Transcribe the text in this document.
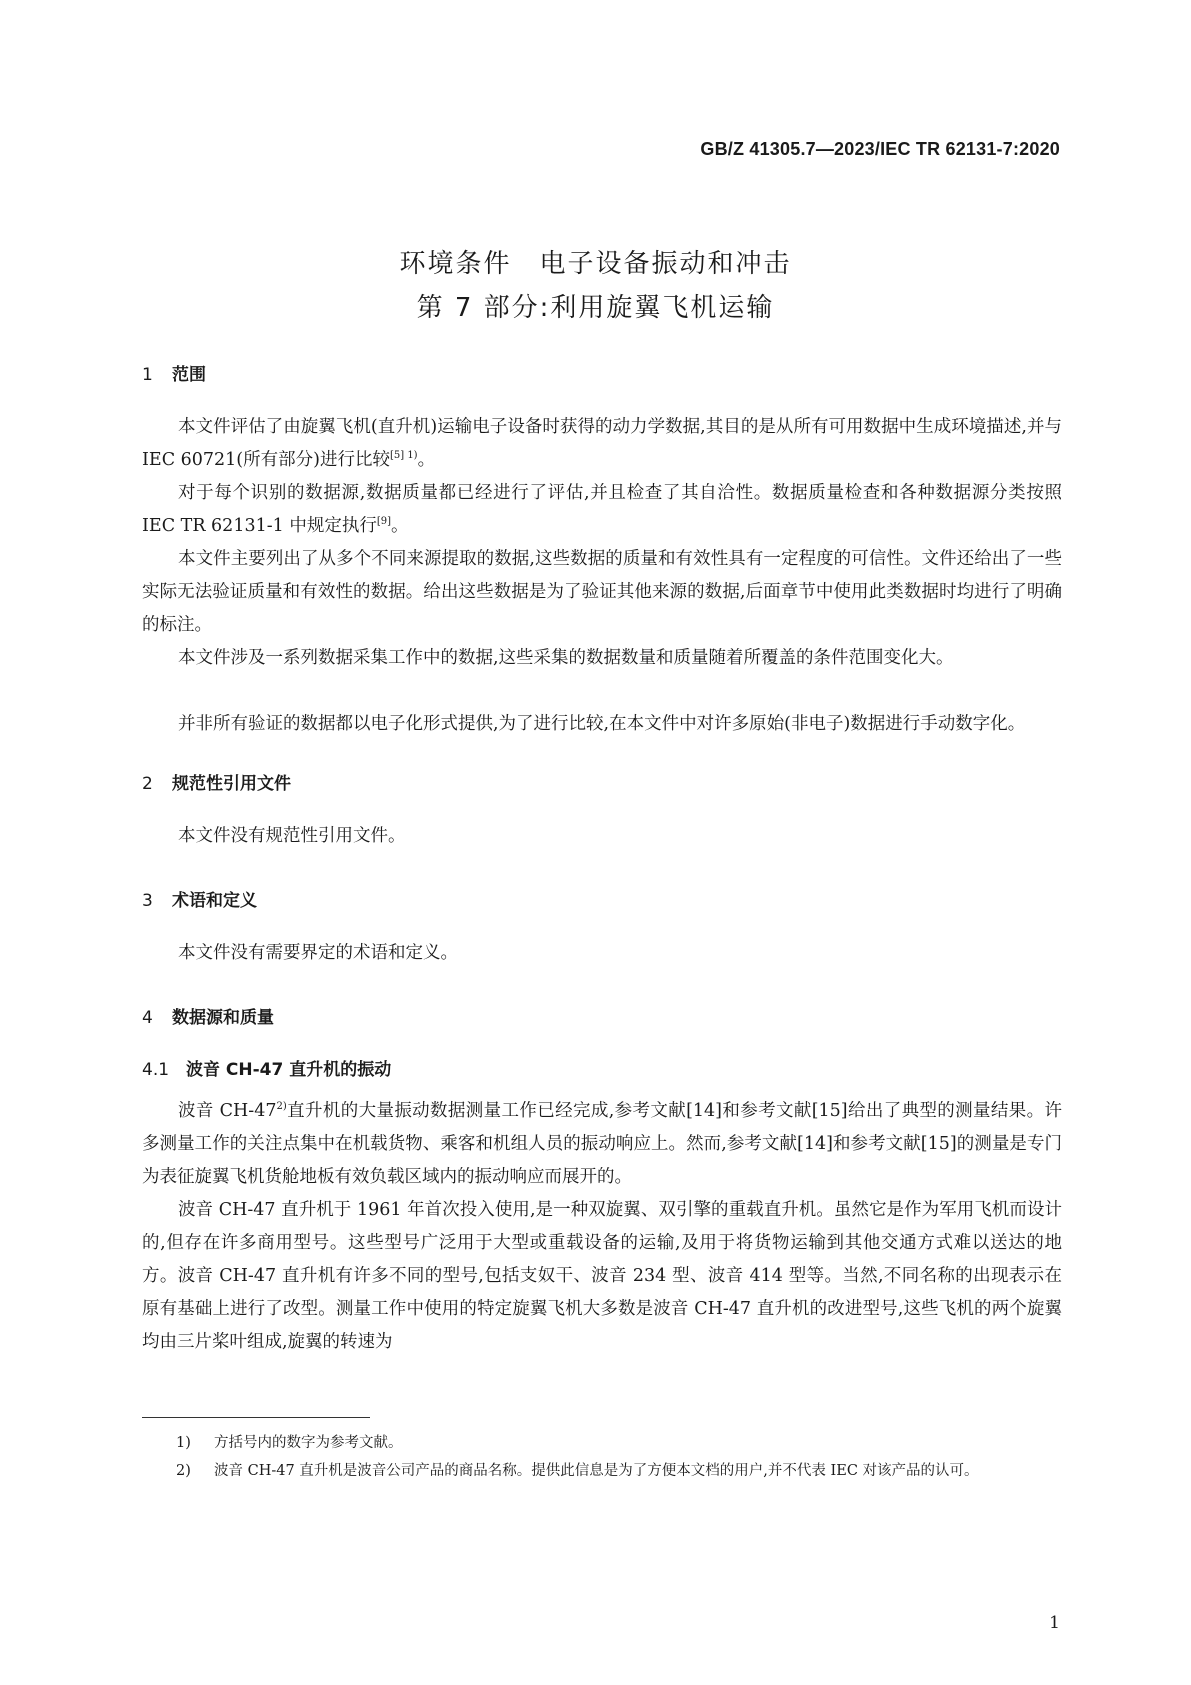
GB/Z 41305.7—2023/IEC TR 62131-7:2020
环境条件　电子设备振动和冲击
第 7 部分:利用旋翼飞机运输
1 范围
本文件评估了由旋翼飞机(直升机)运输电子设备时获得的动力学数据,其目的是从所有可用数据中生成环境描述,并与 IEC 60721(所有部分)进行比较$^{[5] 1)}$。
对于每个识别的数据源,数据质量都已经进行了评估,并且检查了其自洽性。数据质量检查和各种数据源分类按照 IEC TR 62131-1 中规定执行[9]。
本文件主要列出了从多个不同来源提取的数据,这些数据的质量和有效性具有一定程度的可信性。文件还给出了一些实际无法验证质量和有效性的数据。给出这些数据是为了验证其他来源的数据,后面章节中使用此类数据时均进行了明确的标注。
本文件涉及一系列数据采集工作中的数据,这些采集的数据数量和质量随着所覆盖的条件范围变化大。
并非所有验证的数据都以电子化形式提供,为了进行比较,在本文件中对许多原始(非电子)数据进行手动数字化。
2 规范性引用文件
本文件没有规范性引用文件。
3 术语和定义
本文件没有需要界定的术语和定义。
4 数据源和质量
4.1 波音 CH-47 直升机的振动
波音 CH-47$^{2)}$直升机的大量振动数据测量工作已经完成,参考文献[14]和参考文献[15]给出了典型的测量结果。许多测量工作的关注点集中在机载货物、乘客和机组人员的振动响应上。然而,参考文献[14]和参考文献[15]的测量是专门为表征旋翼飞机货舱地板有效负载区域内的振动响应而展开的。
波音 CH-47 直升机于 1961 年首次投入使用,是一种双旋翼、双引擎的重载直升机。虽然它是作为军用飞机而设计的,但存在许多商用型号。这些型号广泛用于大型或重载设备的运输,及用于将货物运输到其他交通方式难以送达的地方。波音 CH-47 直升机有许多不同的型号,包括支奴干、波音 234 型、波音 414 型等。当然,不同名称的出现表示在原有基础上进行了改型。测量工作中使用的特定旋翼飞机大多数是波音 CH-47 直升机的改进型号,这些飞机的两个旋翼均由三片桨叶组成,旋翼的转速为
1)	方括号内的数字为参考文献。
2)	波音 CH-47 直升机是波音公司产品的商品名称。提供此信息是为了方便本文档的用户,并不代表 IEC 对该产品的认可。
1
